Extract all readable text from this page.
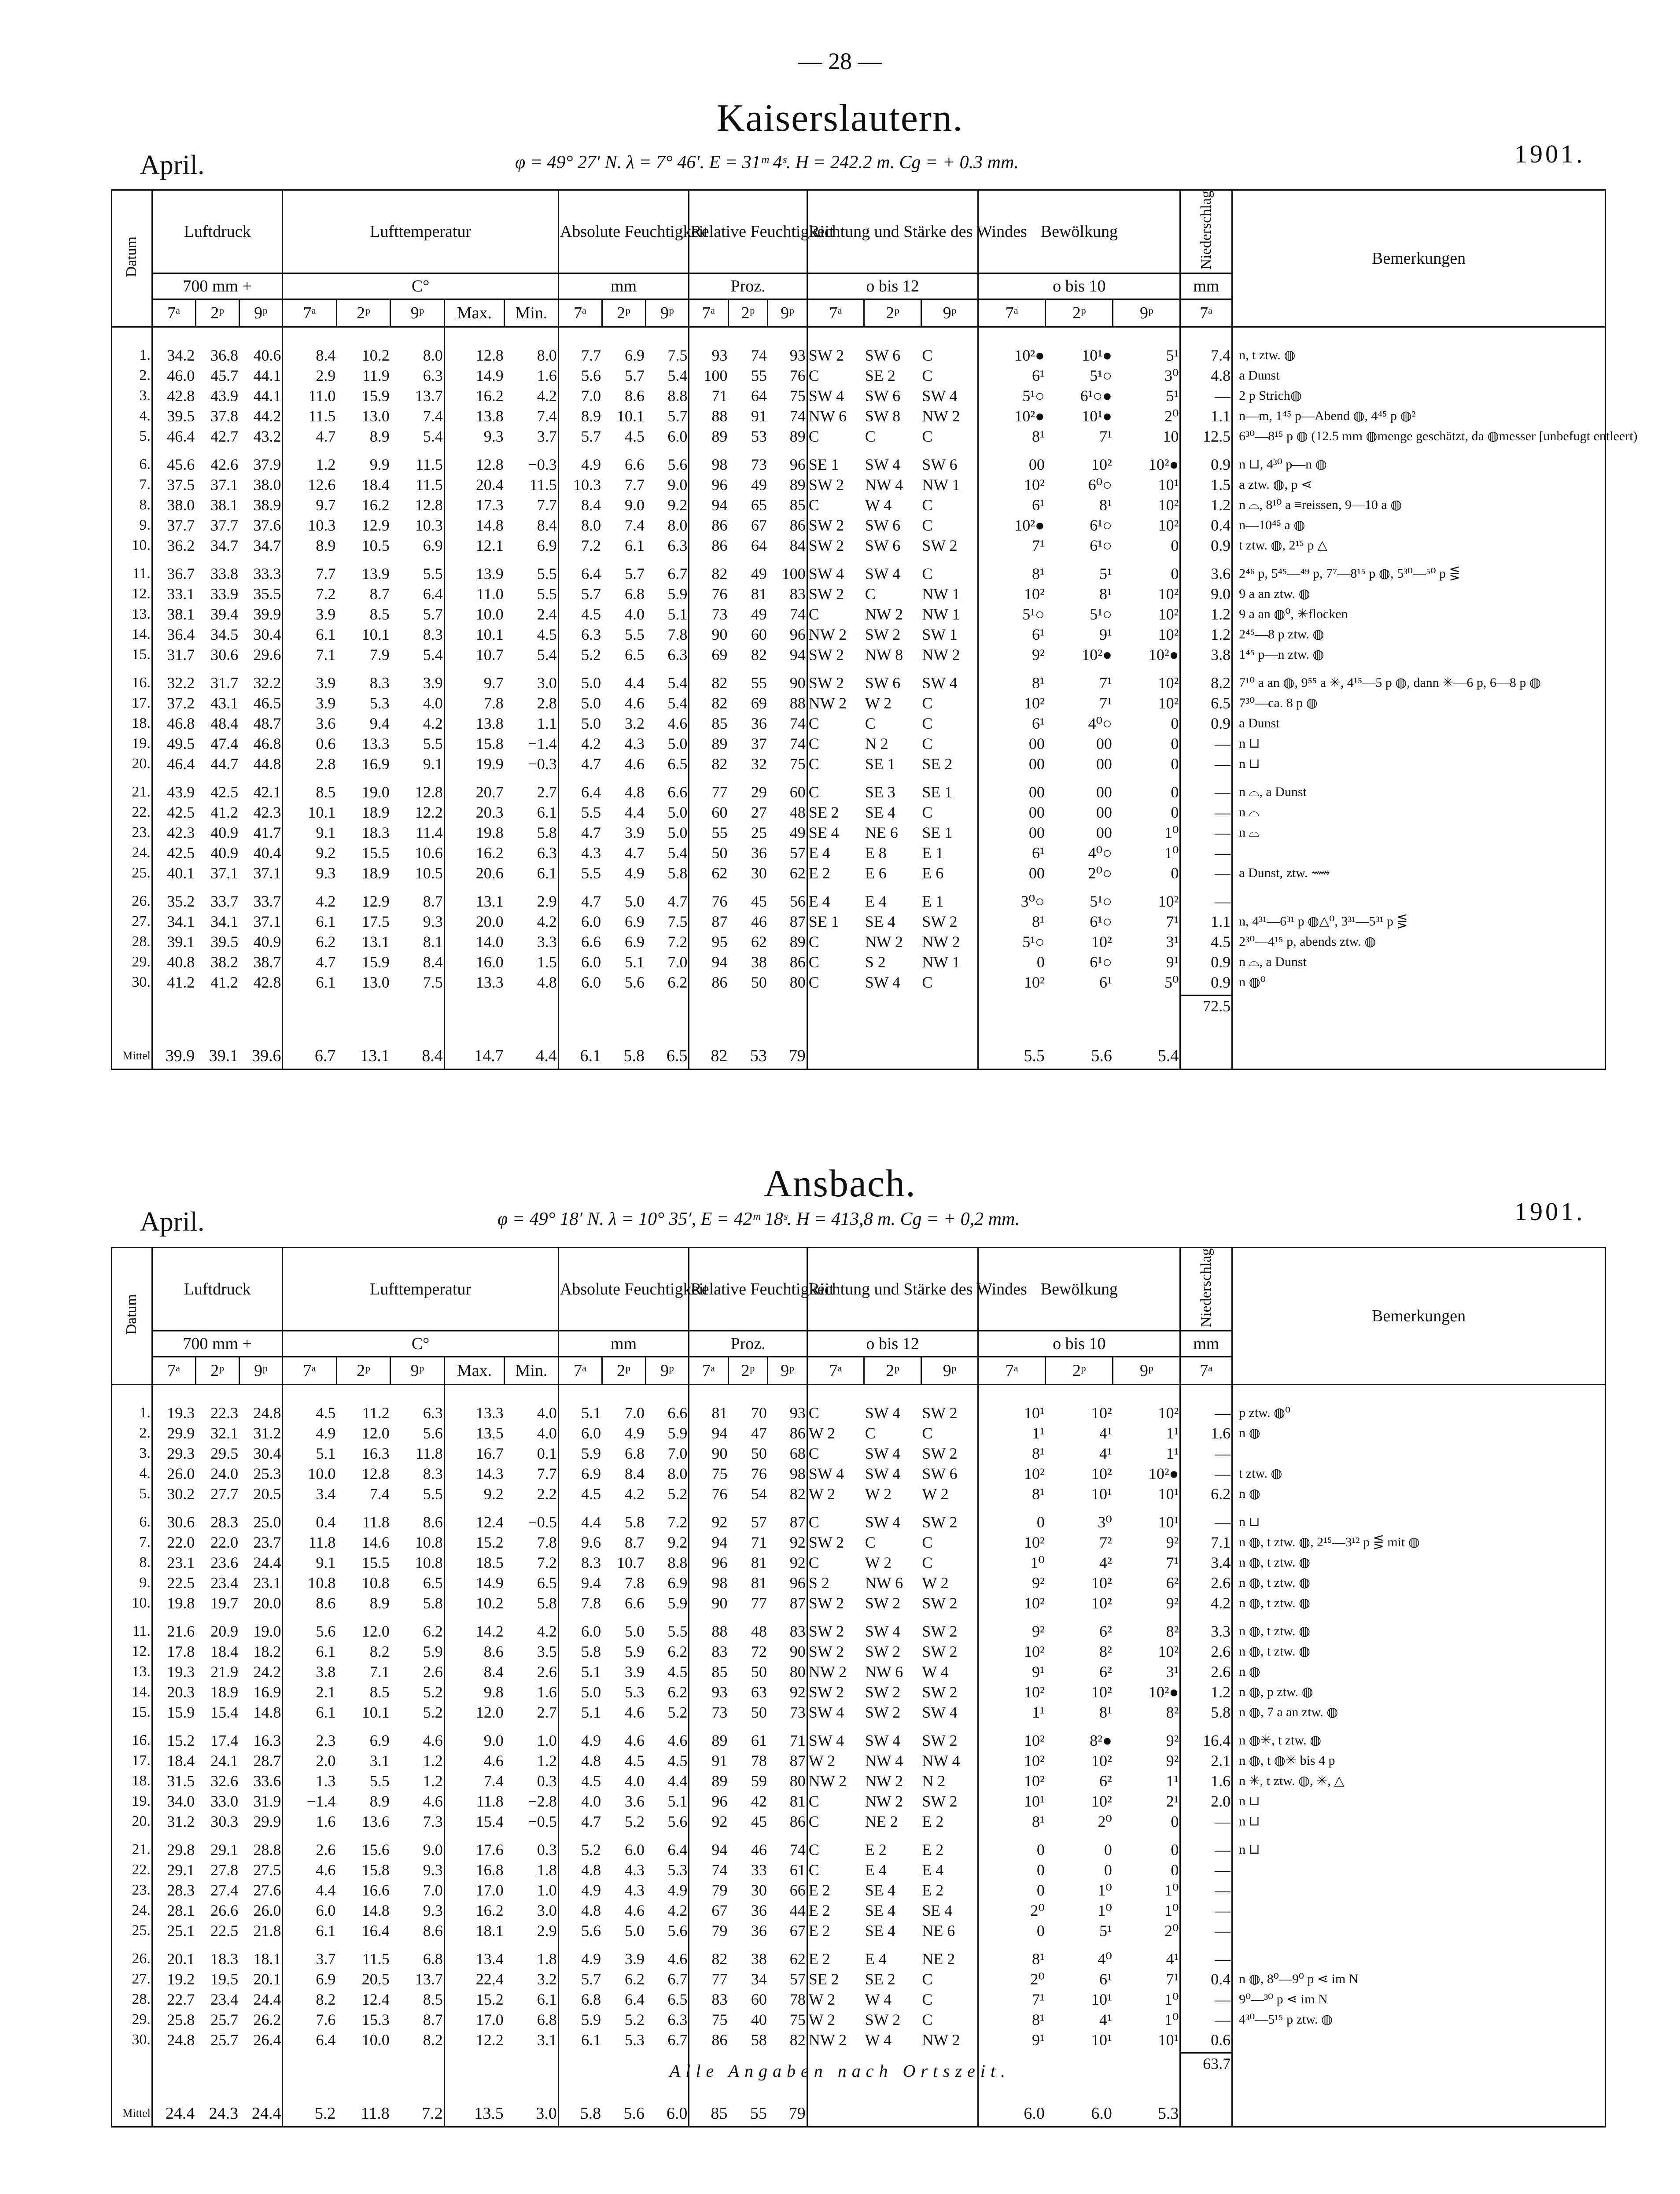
— 28 —
Kaiserslautern.
April.	φ = 49° 27′ N. λ = 7° 46′. E = 31ᵐ 4ˢ. H = 242.2 m. Cg = + 0.3 mm.	1901.
Datum	Luftdruck			Lufttemperatur					Absolute Feuchtigkeit			Relative Feuchtigkeit			Richtung und Stärke des Windes			Bewölkung			Niederschlag	Bemerkungen
	700 mm +			C°					mm			Proz.			o bis 12			o bis 10			mm	
	7ᵃ	2ᵖ	9ᵖ	7ᵃ	2ᵖ	9ᵖ	Max.	Min.	7ᵃ	2ᵖ	9ᵖ	7ᵃ	2ᵖ	9ᵖ	7ᵃ	2ᵖ	9ᵖ	7ᵃ	2ᵖ	9ᵖ	7ᵃ	

1.	34.2	36.8	40.6	8.4	10.2	8.0	12.8	8.0	7.7	6.9	7.5	93	74	93	SW 2	SW 6	C	10²●	10¹●	5¹	7.4	n, t ztw. ◍
2.	46.0	45.7	44.1	2.9	11.9	6.3	14.9	1.6	5.6	5.7	5.4	100	55	76	C	SE 2	C	6¹	5¹○	3⁰	4.8	a Dunst
3.	42.8	43.9	44.1	11.0	15.9	13.7	16.2	4.2	7.0	8.6	8.8	71	64	75	SW 4	SW 6	SW 4	5¹○	6¹○●	5¹	—	2 p Strich◍
4.	39.5	37.8	44.2	11.5	13.0	7.4	13.8	7.4	8.9	10.1	5.7	88	91	74	NW 6	SW 8	NW 2	10²●	10¹●	2⁰	1.1	n—m, 1⁴⁵ p—Abend ◍, 4⁴⁵ p ◍²
5.	46.4	42.7	43.2	4.7	8.9	5.4	9.3	3.7	5.7	4.5	6.0	89	53	89	C	C	C	8¹	7¹	10	12.5	6³⁰—8¹⁵ p ◍ (12.5 mm ◍menge geschätzt, da ◍messer [unbefugt entleert)

6.	45.6	42.6	37.9	1.2	9.9	11.5	12.8	−0.3	4.9	6.6	5.6	98	73	96	SE 1	SW 4	SW 6	00	10²	10²●	0.9	n ⊔, 4³⁰ p—n ◍
7.	37.5	37.1	38.0	12.6	18.4	11.5	20.4	11.5	10.3	7.7	9.0	96	49	89	SW 2	NW 4	NW 1	10²	6⁰○	10¹	1.5	a ztw. ◍, p ⋖
8.	38.0	38.1	38.9	9.7	16.2	12.8	17.3	7.7	8.4	9.0	9.2	94	65	85	C	W 4	C	6¹	8¹	10²	1.2	n ⌓, 8¹⁰ a ≡reissen, 9—10 a ◍
9.	37.7	37.7	37.6	10.3	12.9	10.3	14.8	8.4	8.0	7.4	8.0	86	67	86	SW 2	SW 6	C	10²●	6¹○	10²	0.4	n—10⁴⁵ a ◍
10.	36.2	34.7	34.7	8.9	10.5	6.9	12.1	6.9	7.2	6.1	6.3	86	64	84	SW 2	SW 6	SW 2	7¹	6¹○	0	0.9	t ztw. ◍, 2¹⁵ p △

11.	36.7	33.8	33.3	7.7	13.9	5.5	13.9	5.5	6.4	5.7	6.7	82	49	100	SW 4	SW 4	C	8¹	5¹	0	3.6	2⁴⁶ p, 5⁴⁵—⁴⁹ p, 7⁷—8¹⁵ p ◍, 5³⁰—⁵⁰ p ⋚
12.	33.1	33.9	35.5	7.2	8.7	6.4	11.0	5.5	5.7	6.8	5.9	76	81	83	SW 2	C	NW 1	10²	8¹	10²	9.0	9 a an ztw. ◍
13.	38.1	39.4	39.9	3.9	8.5	5.7	10.0	2.4	4.5	4.0	5.1	73	49	74	C	NW 2	NW 1	5¹○	5¹○	10²	1.2	9 a an ◍⁰, ✳flocken
14.	36.4	34.5	30.4	6.1	10.1	8.3	10.1	4.5	6.3	5.5	7.8	90	60	96	NW 2	SW 2	SW 1	6¹	9¹	10²	1.2	2⁴⁵—8 p ztw. ◍
15.	31.7	30.6	29.6	7.1	7.9	5.4	10.7	5.4	5.2	6.5	6.3	69	82	94	SW 2	NW 8	NW 2	9²	10²●	10²●	3.8	1⁴⁵ p—n ztw. ◍

16.	32.2	31.7	32.2	3.9	8.3	3.9	9.7	3.0	5.0	4.4	5.4	82	55	90	SW 2	SW 6	SW 4	8¹	7¹	10²	8.2	7¹⁰ a an ◍, 9⁵⁵ a ✳, 4¹⁵—5 p ◍, dann ✳—6 p, 6—8 p ◍
17.	37.2	43.1	46.5	3.9	5.3	4.0	7.8	2.8	5.0	4.6	5.4	82	69	88	NW 2	W 2	C	10²	7¹	10²	6.5	7³⁰—ca. 8 p ◍
18.	46.8	48.4	48.7	3.6	9.4	4.2	13.8	1.1	5.0	3.2	4.6	85	36	74	C	C	C	6¹	4⁰○	0	0.9	a Dunst
19.	49.5	47.4	46.8	0.6	13.3	5.5	15.8	−1.4	4.2	4.3	5.0	89	37	74	C	N 2	C	00	00	0	—	n ⊔
20.	46.4	44.7	44.8	2.8	16.9	9.1	19.9	−0.3	4.7	4.6	6.5	82	32	75	C	SE 1	SE 2	00	00	0	—	n ⊔

21.	43.9	42.5	42.1	8.5	19.0	12.8	20.7	2.7	6.4	4.8	6.6	77	29	60	C	SE 3	SE 1	00	00	0	—	n ⌓, a Dunst
22.	42.5	41.2	42.3	10.1	18.9	12.2	20.3	6.1	5.5	4.4	5.0	60	27	48	SE 2	SE 4	C	00	00	0	—	n ⌓
23.	42.3	40.9	41.7	9.1	18.3	11.4	19.8	5.8	4.7	3.9	5.0	55	25	49	SE 4	NE 6	SE 1	00	00	1⁰	—	n ⌓
24.	42.5	40.9	40.4	9.2	15.5	10.6	16.2	6.3	4.3	4.7	5.4	50	36	57	E 4	E 8	E 1	6¹	4⁰○	1⁰	—	
25.	40.1	37.1	37.1	9.3	18.9	10.5	20.6	6.1	5.5	4.9	5.8	62	30	62	E 2	E 6	E 6	00	2⁰○	0	—	a Dunst, ztw. ⟿

26.	35.2	33.7	33.7	4.2	12.9	8.7	13.1	2.9	4.7	5.0	4.7	76	45	56	E 4	E 4	E 1	3⁰○	5¹○	10²	—	
27.	34.1	34.1	37.1	6.1	17.5	9.3	20.0	4.2	6.0	6.9	7.5	87	46	87	SE 1	SE 4	SW 2	8¹	6¹○	7¹	1.1	n, 4³¹—6³¹ p ◍△⁰, 3³¹—5³¹ p ⋚
28.	39.1	39.5	40.9	6.2	13.1	8.1	14.0	3.3	6.6	6.9	7.2	95	62	89	C	NW 2	NW 2	5¹○	10²	3¹	4.5	2³⁰—4¹⁵ p, abends ztw. ◍
29.	40.8	38.2	38.7	4.7	15.9	8.4	16.0	1.5	6.0	5.1	7.0	94	38	86	C	S 2	NW 1	0	6¹○	9¹	0.9	n ⌓, a Dunst
30.	41.2	41.2	42.8	6.1	13.0	7.5	13.3	4.8	6.0	5.6	6.2	86	50	80	C	SW 4	C	10²	6¹	5⁰	0.9	n ◍⁰

																					72.5	

Mittel	39.9	39.1	39.6	6.7	13.1	8.4	14.7	4.4	6.1	5.8	6.5	82	53	79				5.5	5.6	5.4		
Ansbach.
April.	φ = 49° 18′ N. λ = 10° 35′, E = 42ᵐ 18ˢ. H = 413,8 m. Cg = + 0,2 mm.	1901.
Datum	Luftdruck			Lufttemperatur					Absolute Feuchtigkeit			Relative Feuchtigkeit			Richtung und Stärke des Windes			Bewölkung			Niederschlag	Bemerkungen
	700 mm +			C°					mm			Proz.			o bis 12			o bis 10			mm	
	7ᵃ	2ᵖ	9ᵖ	7ᵃ	2ᵖ	9ᵖ	Max.	Min.	7ᵃ	2ᵖ	9ᵖ	7ᵃ	2ᵖ	9ᵖ	7ᵃ	2ᵖ	9ᵖ	7ᵃ	2ᵖ	9ᵖ	7ᵃ	

1.	19.3	22.3	24.8	4.5	11.2	6.3	13.3	4.0	5.1	7.0	6.6	81	70	93	C	SW 4	SW 2	10¹	10²	10²	—	p ztw. ◍⁰
2.	29.9	32.1	31.2	4.9	12.0	5.6	13.5	4.0	6.0	4.9	5.9	94	47	86	W 2	C	C	1¹	4¹	1¹	1.6	n ◍
3.	29.3	29.5	30.4	5.1	16.3	11.8	16.7	0.1	5.9	6.8	7.0	90	50	68	C	SW 4	SW 2	8¹	4¹	1¹	—	
4.	26.0	24.0	25.3	10.0	12.8	8.3	14.3	7.7	6.9	8.4	8.0	75	76	98	SW 4	SW 4	SW 6	10²	10²	10²●	—	t ztw. ◍
5.	30.2	27.7	20.5	3.4	7.4	5.5	9.2	2.2	4.5	4.2	5.2	76	54	82	W 2	W 2	W 2	8¹	10¹	10¹	6.2	n ◍

6.	30.6	28.3	25.0	0.4	11.8	8.6	12.4	−0.5	4.4	5.8	7.2	92	57	87	C	SW 4	SW 2	0	3⁰	10¹	—	n ⊔
7.	22.0	22.0	23.7	11.8	14.6	10.8	15.2	7.8	9.6	8.7	9.2	94	71	92	SW 2	C	C	10²	7²	9²	7.1	n ◍, t ztw. ◍, 2¹⁵—3¹² p ⋚ mit ◍
8.	23.1	23.6	24.4	9.1	15.5	10.8	18.5	7.2	8.3	10.7	8.8	96	81	92	C	W 2	C	1⁰	4²	7¹	3.4	n ◍, t ztw. ◍
9.	22.5	23.4	23.1	10.8	10.8	6.5	14.9	6.5	9.4	7.8	6.9	98	81	96	S 2	NW 6	W 2	9²	10²	6²	2.6	n ◍, t ztw. ◍
10.	19.8	19.7	20.0	8.6	8.9	5.8	10.2	5.8	7.8	6.6	5.9	90	77	87	SW 2	SW 2	SW 2	10²	10²	9²	4.2	n ◍, t ztw. ◍

11.	21.6	20.9	19.0	5.6	12.0	6.2	14.2	4.2	6.0	5.0	5.5	88	48	83	SW 2	SW 4	SW 2	9²	6²	8²	3.3	n ◍, t ztw. ◍
12.	17.8	18.4	18.2	6.1	8.2	5.9	8.6	3.5	5.8	5.9	6.2	83	72	90	SW 2	SW 2	SW 2	10²	8²	10²	2.6	n ◍, t ztw. ◍
13.	19.3	21.9	24.2	3.8	7.1	2.6	8.4	2.6	5.1	3.9	4.5	85	50	80	NW 2	NW 6	W 4	9¹	6²	3¹	2.6	n ◍
14.	20.3	18.9	16.9	2.1	8.5	5.2	9.8	1.6	5.0	5.3	6.2	93	63	92	SW 2	SW 2	SW 2	10²	10²	10²●	1.2	n ◍, p ztw. ◍
15.	15.9	15.4	14.8	6.1	10.1	5.2	12.0	2.7	5.1	4.6	5.2	73	50	73	SW 4	SW 2	SW 4	1¹	8¹	8²	5.8	n ◍, 7 a an ztw. ◍

16.	15.2	17.4	16.3	2.3	6.9	4.6	9.0	1.0	4.9	4.6	4.6	89	61	71	SW 4	SW 4	SW 2	10²	8²●	9²	16.4	n ◍✳, t ztw. ◍
17.	18.4	24.1	28.7	2.0	3.1	1.2	4.6	1.2	4.8	4.5	4.5	91	78	87	W 2	NW 4	NW 4	10²	10²	9²	2.1	n ◍, t ◍✳ bis 4 p
18.	31.5	32.6	33.6	1.3	5.5	1.2	7.4	0.3	4.5	4.0	4.4	89	59	80	NW 2	NW 2	N 2	10²	6²	1¹	1.6	n ✳, t ztw. ◍, ✳, △
19.	34.0	33.0	31.9	−1.4	8.9	4.6	11.8	−2.8	4.0	3.6	5.1	96	42	81	C	NW 2	SW 2	10¹	10²	2¹	2.0	n ⊔
20.	31.2	30.3	29.9	1.6	13.6	7.3	15.4	−0.5	4.7	5.2	5.6	92	45	86	C	NE 2	E 2	8¹	2⁰	0	—	n ⊔

21.	29.8	29.1	28.8	2.6	15.6	9.0	17.6	0.3	5.2	6.0	6.4	94	46	74	C	E 2	E 2	0	0	0	—	n ⊔
22.	29.1	27.8	27.5	4.6	15.8	9.3	16.8	1.8	4.8	4.3	5.3	74	33	61	C	E 4	E 4	0	0	0	—	
23.	28.3	27.4	27.6	4.4	16.6	7.0	17.0	1.0	4.9	4.3	4.9	79	30	66	E 2	SE 4	E 2	0	1⁰	1⁰	—	
24.	28.1	26.6	26.0	6.0	14.8	9.3	16.2	3.0	4.8	4.6	4.2	67	36	44	E 2	SE 4	SE 4	2⁰	1⁰	1⁰	—	
25.	25.1	22.5	21.8	6.1	16.4	8.6	18.1	2.9	5.6	5.0	5.6	79	36	67	E 2	SE 4	NE 6	0	5¹	2⁰	—	

26.	20.1	18.3	18.1	3.7	11.5	6.8	13.4	1.8	4.9	3.9	4.6	82	38	62	E 2	E 4	NE 2	8¹	4⁰	4¹	—	
27.	19.2	19.5	20.1	6.9	20.5	13.7	22.4	3.2	5.7	6.2	6.7	77	34	57	SE 2	SE 2	C	2⁰	6¹	7¹	0.4	n ◍, 8⁰—9⁰ p ⋖ im N
28.	22.7	23.4	24.4	8.2	12.4	8.5	15.2	6.1	6.8	6.4	6.5	83	60	78	W 2	W 4	C	7¹	10¹	1⁰	—	9⁰—³⁰ p ⋖ im N
29.	25.8	25.7	26.2	7.6	15.3	8.7	17.0	6.8	5.9	5.2	6.3	75	40	75	W 2	SW 2	C	8¹	4¹	1⁰	—	4³⁰—5¹⁵ p ztw. ◍
30.	24.8	25.7	26.4	6.4	10.0	8.2	12.2	3.1	6.1	5.3	6.7	86	58	82	NW 2	W 4	NW 2	9¹	10¹	10¹	0.6	

																					63.7	

Mittel	24.4	24.3	24.4	5.2	11.8	7.2	13.5	3.0	5.8	5.6	6.0	85	55	79				6.0	6.0	5.3		
Alle Angaben nach Ortszeit.
